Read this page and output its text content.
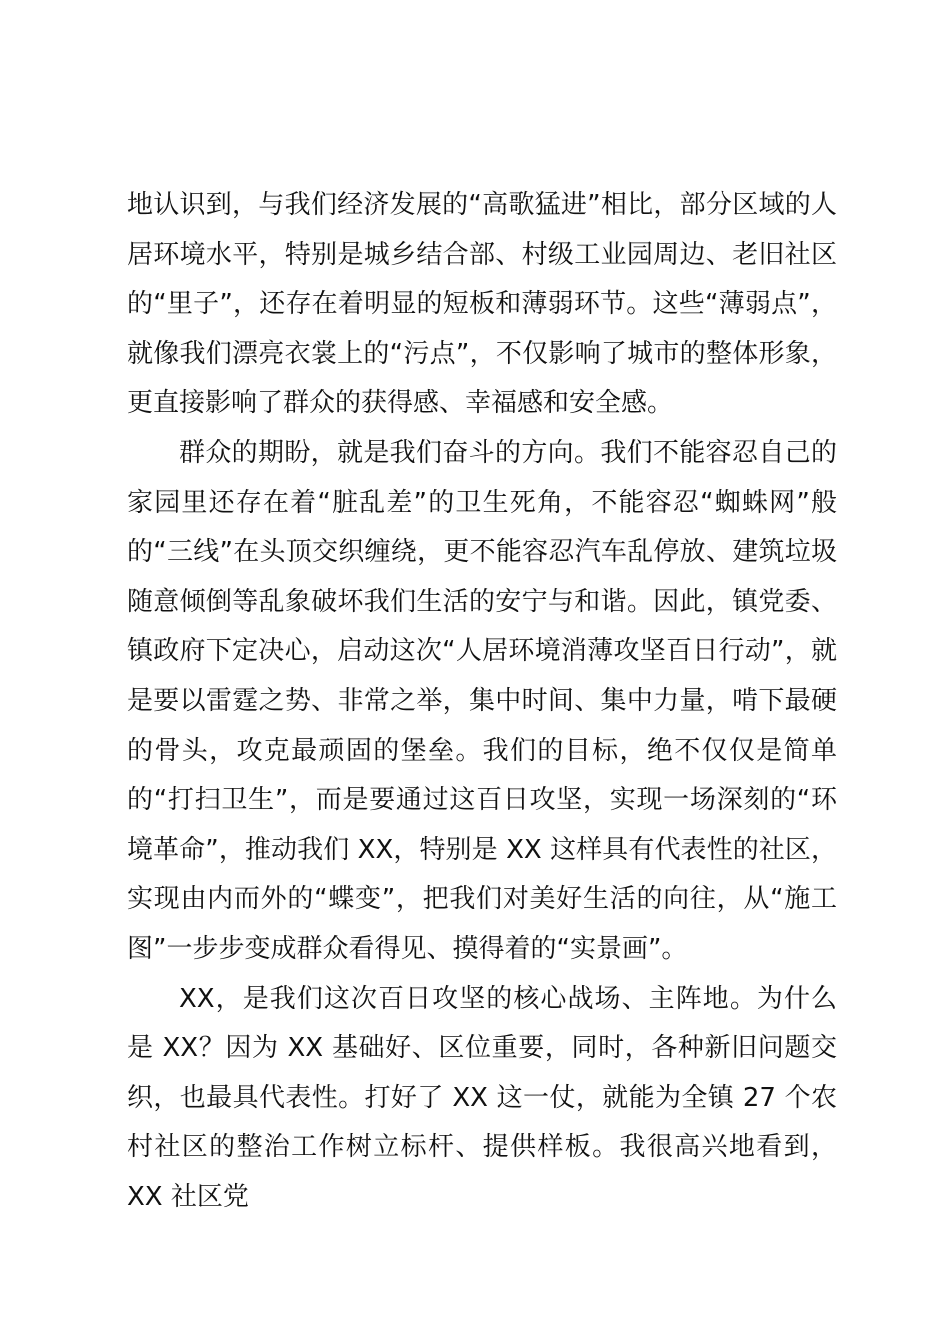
地认识到，与我们经济发展的“高歌猛进”相比，部分区域的人居环境水平，特别是城乡结合部、村级工业园周边、老旧社区的“里子”，还存在着明显的短板和薄弱环节。这些“薄弱点”，就像我们漂亮衣裳上的“污点”，不仅影响了城市的整体形象，更直接影响了群众的获得感、幸福感和安全感。

群众的期盼，就是我们奋斗的方向。我们不能容忍自己的家园里还存在着“脏乱差”的卫生死角，不能容忍“蜘蛛网”般的“三线”在头顶交织缠绕，更不能容忍汽车乱停放、建筑垃圾随意倾倒等乱象破坏我们生活的安宁与和谐。因此，镇党委、镇政府下定决心，启动这次“人居环境消薄攻坚百日行动”，就是要以雷霆之势、非常之举，集中时间、集中力量，啃下最硬的骨头，攻克最顽固的堡垒。我们的目标，绝不仅仅是简单的“打扫卫生”，而是要通过这百日攻坚，实现一场深刻的“环境革命”，推动我们 XX，特别是 XX 这样具有代表性的社区，实现由内而外的“蝶变”，把我们对美好生活的向往，从“施工图”一步步变成群众看得见、摸得着的“实景画”。

XX，是我们这次百日攻坚的核心战场、主阵地。为什么是 XX？因为 XX 基础好、区位重要，同时，各种新旧问题交织，也最具代表性。打好了 XX 这一仗，就能为全镇 27 个农村社区的整治工作树立标杆、提供样板。我很高兴地看到，XX 社区党
